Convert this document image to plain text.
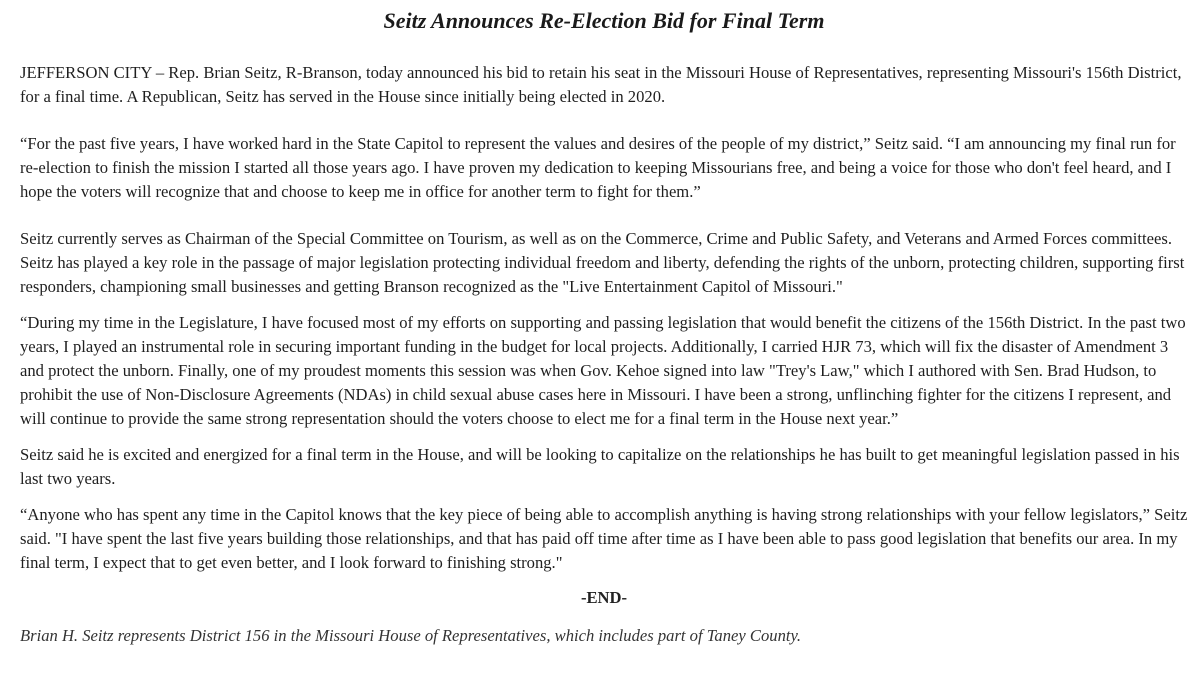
Seitz Announces Re-Election Bid for Final Term

JEFFERSON CITY – Rep. Brian Seitz, R-Branson, today announced his bid to retain his seat in the Missouri House of Representatives, representing Missouri's 156th District, for a final time. A Republican, Seitz has served in the House since initially being elected in 2020.

“For the past five years, I have worked hard in the State Capitol to represent the values and desires of the people of my district,” Seitz said. “I am announcing my final run for re-election to finish the mission I started all those years ago. I have proven my dedication to keeping Missourians free, and being a voice for those who don't feel heard, and I hope the voters will recognize that and choose to keep me in office for another term to fight for them.”

Seitz currently serves as Chairman of the Special Committee on Tourism, as well as on the Commerce, Crime and Public Safety, and Veterans and Armed Forces committees. Seitz has played a key role in the passage of major legislation protecting individual freedom and liberty, defending the rights of the unborn, protecting children, supporting first responders, championing small businesses and getting Branson recognized as the "Live Entertainment Capitol of Missouri."

“During my time in the Legislature, I have focused most of my efforts on supporting and passing legislation that would benefit the citizens of the 156th District. In the past two years, I played an instrumental role in securing important funding in the budget for local projects. Additionally, I carried HJR 73, which will fix the disaster of Amendment 3 and protect the unborn. Finally, one of my proudest moments this session was when Gov. Kehoe signed into law "Trey's Law," which I authored with Sen. Brad Hudson, to prohibit the use of Non-Disclosure Agreements (NDAs) in child sexual abuse cases here in Missouri. I have been a strong, unflinching fighter for the citizens I represent, and will continue to provide the same strong representation should the voters choose to elect me for a final term in the House next year.”

Seitz said he is excited and energized for a final term in the House, and will be looking to capitalize on the relationships he has built to get meaningful legislation passed in his last two years.

“Anyone who has spent any time in the Capitol knows that the key piece of being able to accomplish anything is having strong relationships with your fellow legislators,” Seitz said. "I have spent the last five years building those relationships, and that has paid off time after time as I have been able to pass good legislation that benefits our area. In my final term, I expect that to get even better, and I look forward to finishing strong."

-END-

Brian H. Seitz represents District 156 in the Missouri House of Representatives, which includes part of Taney County.
